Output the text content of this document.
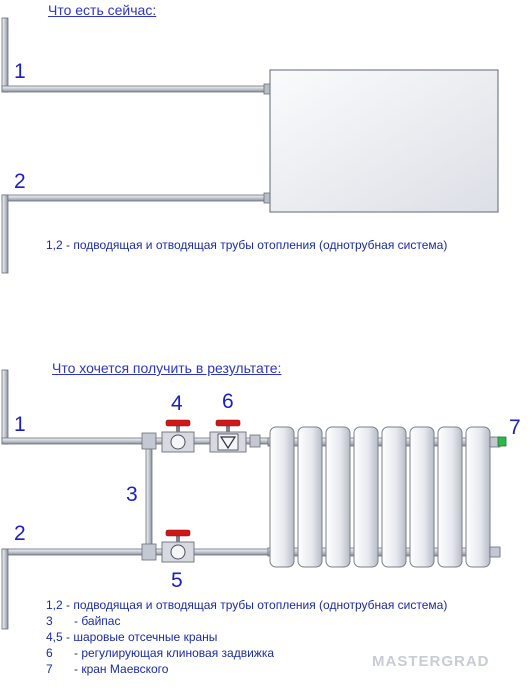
Что есть сейчас:
1
2
1,2 - подводящая и отводящая трубы отопления (однотрубная система)
Что хочется получить в результате:
1
2
3
4
5
6
7
1,2 - подводящая и отводящая трубы отопления (однотрубная система)
3 - байпас
4,5 - шаровые отсечные краны
6 - регулирующая клиновая задвижка
7 - кран Маевского	MASTERGRAD
